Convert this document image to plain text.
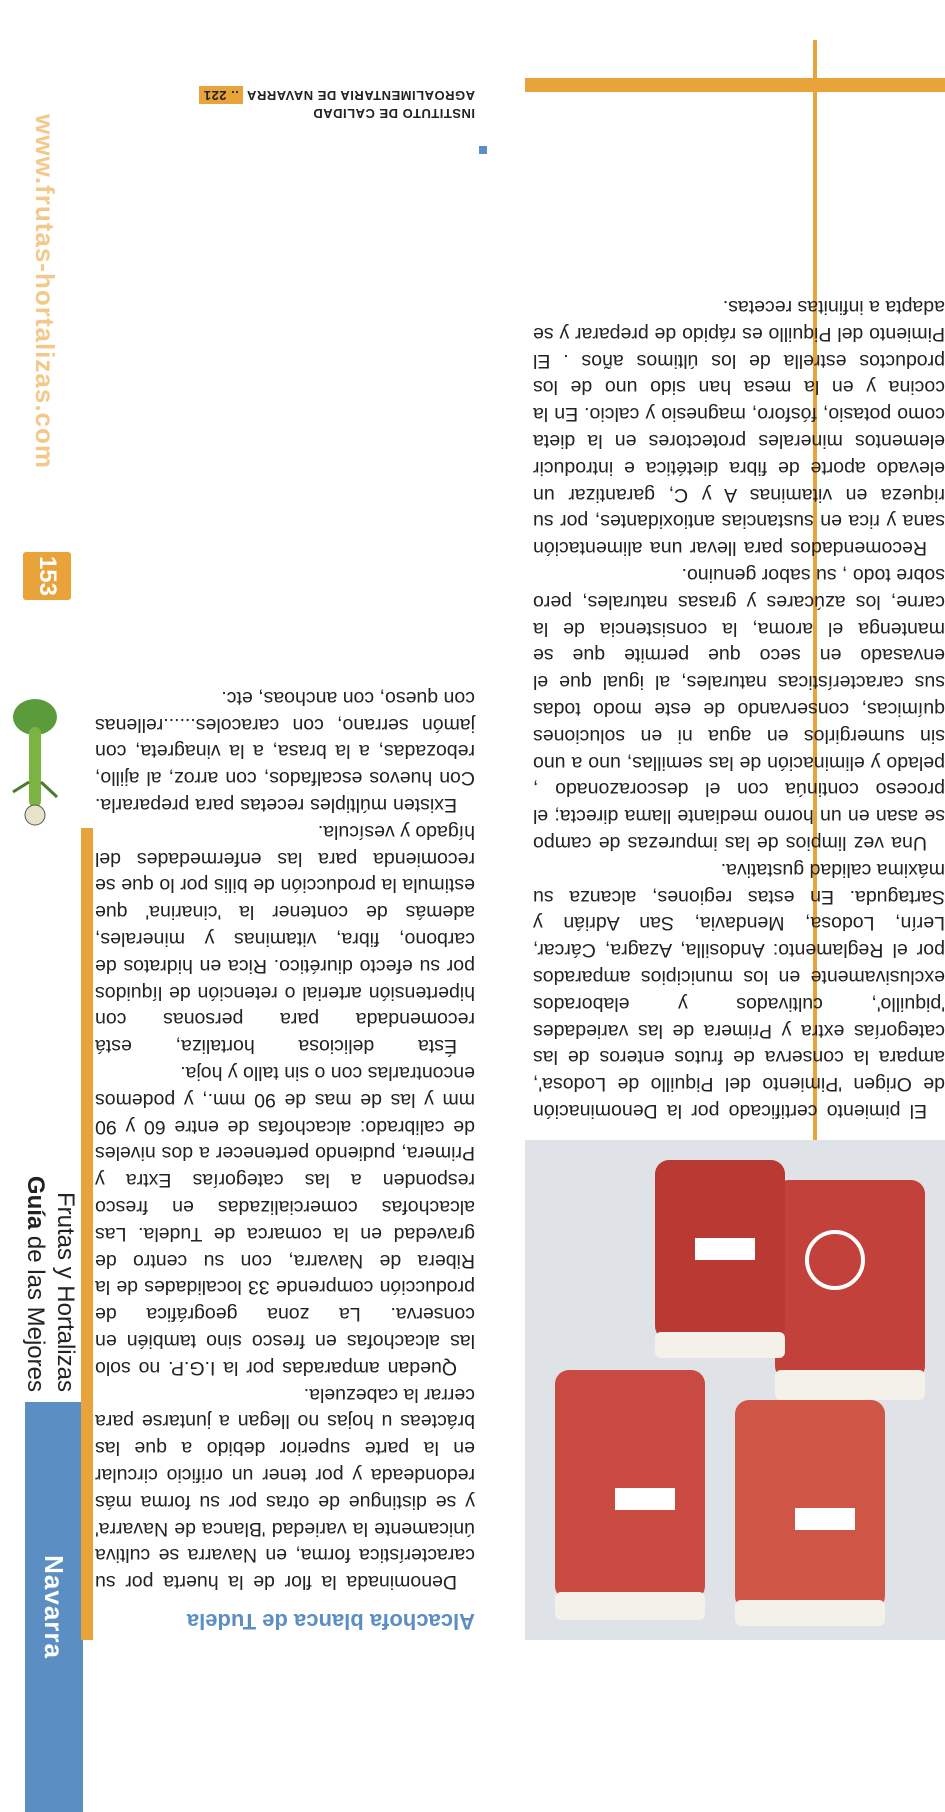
Navarra
Guía de las Mejores Frutas y Hortalizas
153
www.frutas-hortalizas.com

El pimiento certificado por la Denominación de Origen 'Pimiento del Piquillo de Lodosa', ampara la conserva de frutos enteros de las categorías extra y Primera de las variedades 'piquillo', cultivados y elaborados exclusivamente en los municipios amparados por el Reglamento: Andosilla, Azagra, Cárcar, Lerín, Lodosa, Mendavia, San Adrián y Sartaguda. En estas regiones, alcanza su máxima calidad gustativa.

Una vez limpios de las impurezas de campo se asan en un horno mediante llama directa; el proceso continúa con el descorazonado , pelado y eliminación de las semillas, uno a uno sin sumergirlos en agua ni en soluciones químicas, conservando de este modo todas sus características naturales, al igual que el envasado en seco que permite que se mantenga el aroma, la consistencia de la carne, los azúcares y grasas naturales, pero sobre todo , su sabor genuino.

Recomendados para llevar una alimentación sana y rica en sustancias antioxidantes, por su riqueza en vitaminas A y C, garantizar un elevado aporte de fibra dietética e introducir elementos minerales protectores en la dieta como potasio, fósforo, magnesio y calcio. En la cocina y en la mesa han sido uno de los productos estrella de los últimos años . El Pimiento del Piquillo es rápido de preparar y se adapta a infinitas recetas.

Alcachofa blanca de Tudela

Denominada la flor de la huerta por su característica forma, en Navarra se cultiva únicamente la variedad 'Blanca de Navarra' y se distingue de otras por su forma más redondeada y por tener un orificio circular en la parte superior debido a que las brácteas u hojas no llegan a juntarse para cerrar la cabezuela.

Quedan amparadas por la I.G.P. no solo las alcachofas en fresco sino también en conserva. La zona geográfica de producción comprende 33 localidades de la Ribera de Navarra, con su centro de gravedad en la comarca de Tudela. Las alcachofas comercializadas en fresco responden a las categorías Extra y Primera, pudiendo pertenecer a dos niveles de calibrado: alcachofas de entre 60 y 90 mm y las de mas de 90 mm., y podemos encontrarlas con o sin tallo y hoja.

Ésta deliciosa hortaliza, está recomendada para personas con hipertensión arterial o retención de líquidos por su efecto diurético. Rica en hidratos de carbono, fibra, vitaminas y minerales, además de contener la 'cinarina' que estimula la producción de bilis por lo que se recomienda para las enfermedades del hígado y vesícula.

Existen múltiples recetas para prepararla. Con huevos escalfados, con arroz, al ajillo, rebozadas, a la brasa, a la vinagreta, con jamón serrano, con caracoles......rellenas con queso, con anchoas, etc.

INSTITUTO DE CALIDAD
AGROALIMENTARIA DE NAVARRA .. 221
